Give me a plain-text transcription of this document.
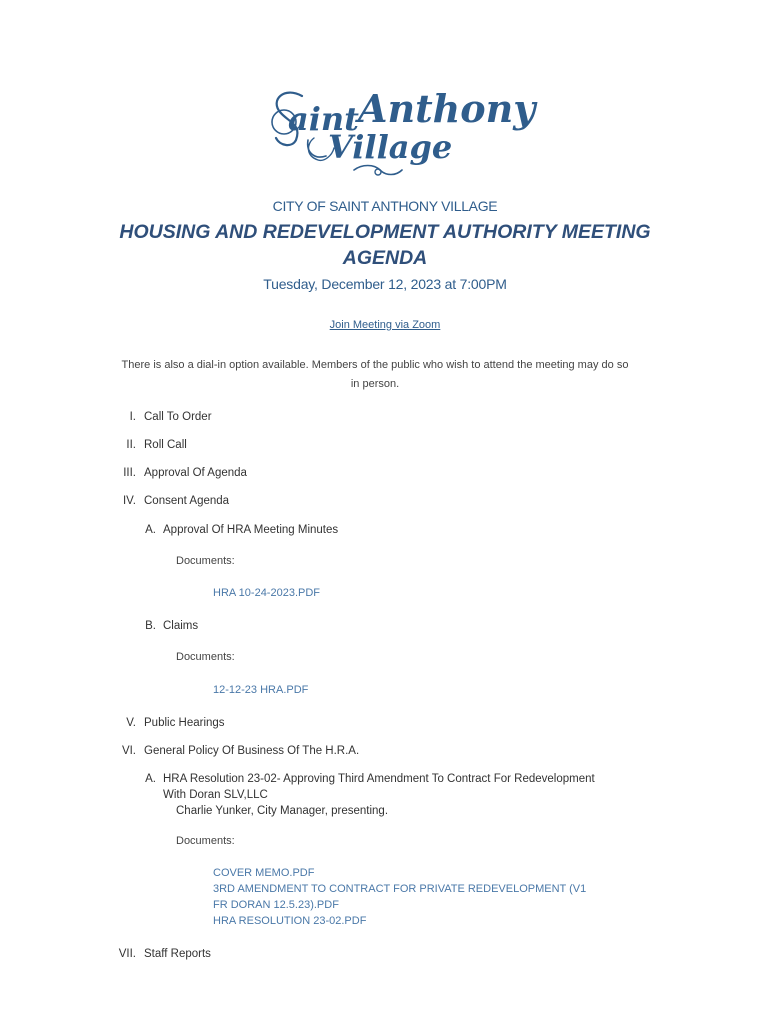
aint Anthony
Village
CITY OF SAINT ANTHONY VILLAGE
HOUSING AND REDEVELOPMENT AUTHORITY MEETING
AGENDA
Tuesday, December 12, 2023 at 7:00PM
Join Meeting via Zoom
There is also a dial-in option available. Members of the public who wish to attend the meeting may do so
in person.
I. Call To Order
II. Roll Call
III. Approval Of Agenda
IV. Consent Agenda
A. Approval Of HRA Meeting Minutes
Documents:
HRA 10-24-2023.PDF
B. Claims
Documents:
12-12-23 HRA.PDF
V. Public Hearings
VI. General Policy Of Business Of The H.R.A.
A. HRA Resolution 23-02- Approving Third Amendment To Contract For Redevelopment
With Doran SLV,LLC
Charlie Yunker, City Manager, presenting.
Documents:
COVER MEMO.PDF
3RD AMENDMENT TO CONTRACT FOR PRIVATE REDEVELOPMENT (V1
FR DORAN 12.5.23).PDF
HRA RESOLUTION 23-02.PDF
VII. Staff Reports
